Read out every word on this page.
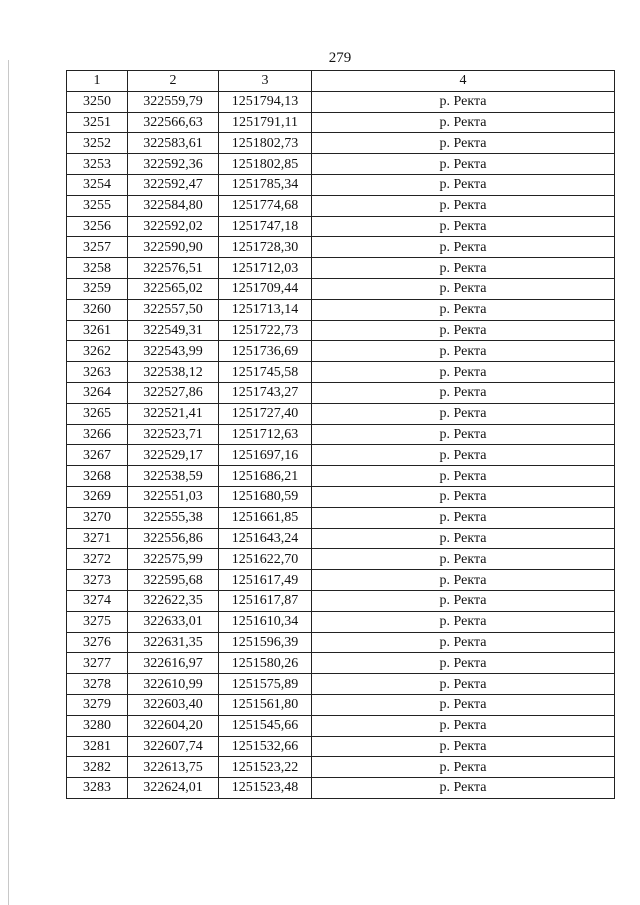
279
1	2	3	4
3250	322559,79	1251794,13	р. Ректа
3251	322566,63	1251791,11	р. Ректа
3252	322583,61	1251802,73	р. Ректа
3253	322592,36	1251802,85	р. Ректа
3254	322592,47	1251785,34	р. Ректа
3255	322584,80	1251774,68	р. Ректа
3256	322592,02	1251747,18	р. Ректа
3257	322590,90	1251728,30	р. Ректа
3258	322576,51	1251712,03	р. Ректа
3259	322565,02	1251709,44	р. Ректа
3260	322557,50	1251713,14	р. Ректа
3261	322549,31	1251722,73	р. Ректа
3262	322543,99	1251736,69	р. Ректа
3263	322538,12	1251745,58	р. Ректа
3264	322527,86	1251743,27	р. Ректа
3265	322521,41	1251727,40	р. Ректа
3266	322523,71	1251712,63	р. Ректа
3267	322529,17	1251697,16	р. Ректа
3268	322538,59	1251686,21	р. Ректа
3269	322551,03	1251680,59	р. Ректа
3270	322555,38	1251661,85	р. Ректа
3271	322556,86	1251643,24	р. Ректа
3272	322575,99	1251622,70	р. Ректа
3273	322595,68	1251617,49	р. Ректа
3274	322622,35	1251617,87	р. Ректа
3275	322633,01	1251610,34	р. Ректа
3276	322631,35	1251596,39	р. Ректа
3277	322616,97	1251580,26	р. Ректа
3278	322610,99	1251575,89	р. Ректа
3279	322603,40	1251561,80	р. Ректа
3280	322604,20	1251545,66	р. Ректа
3281	322607,74	1251532,66	р. Ректа
3282	322613,75	1251523,22	р. Ректа
3283	322624,01	1251523,48	р. Ректа
